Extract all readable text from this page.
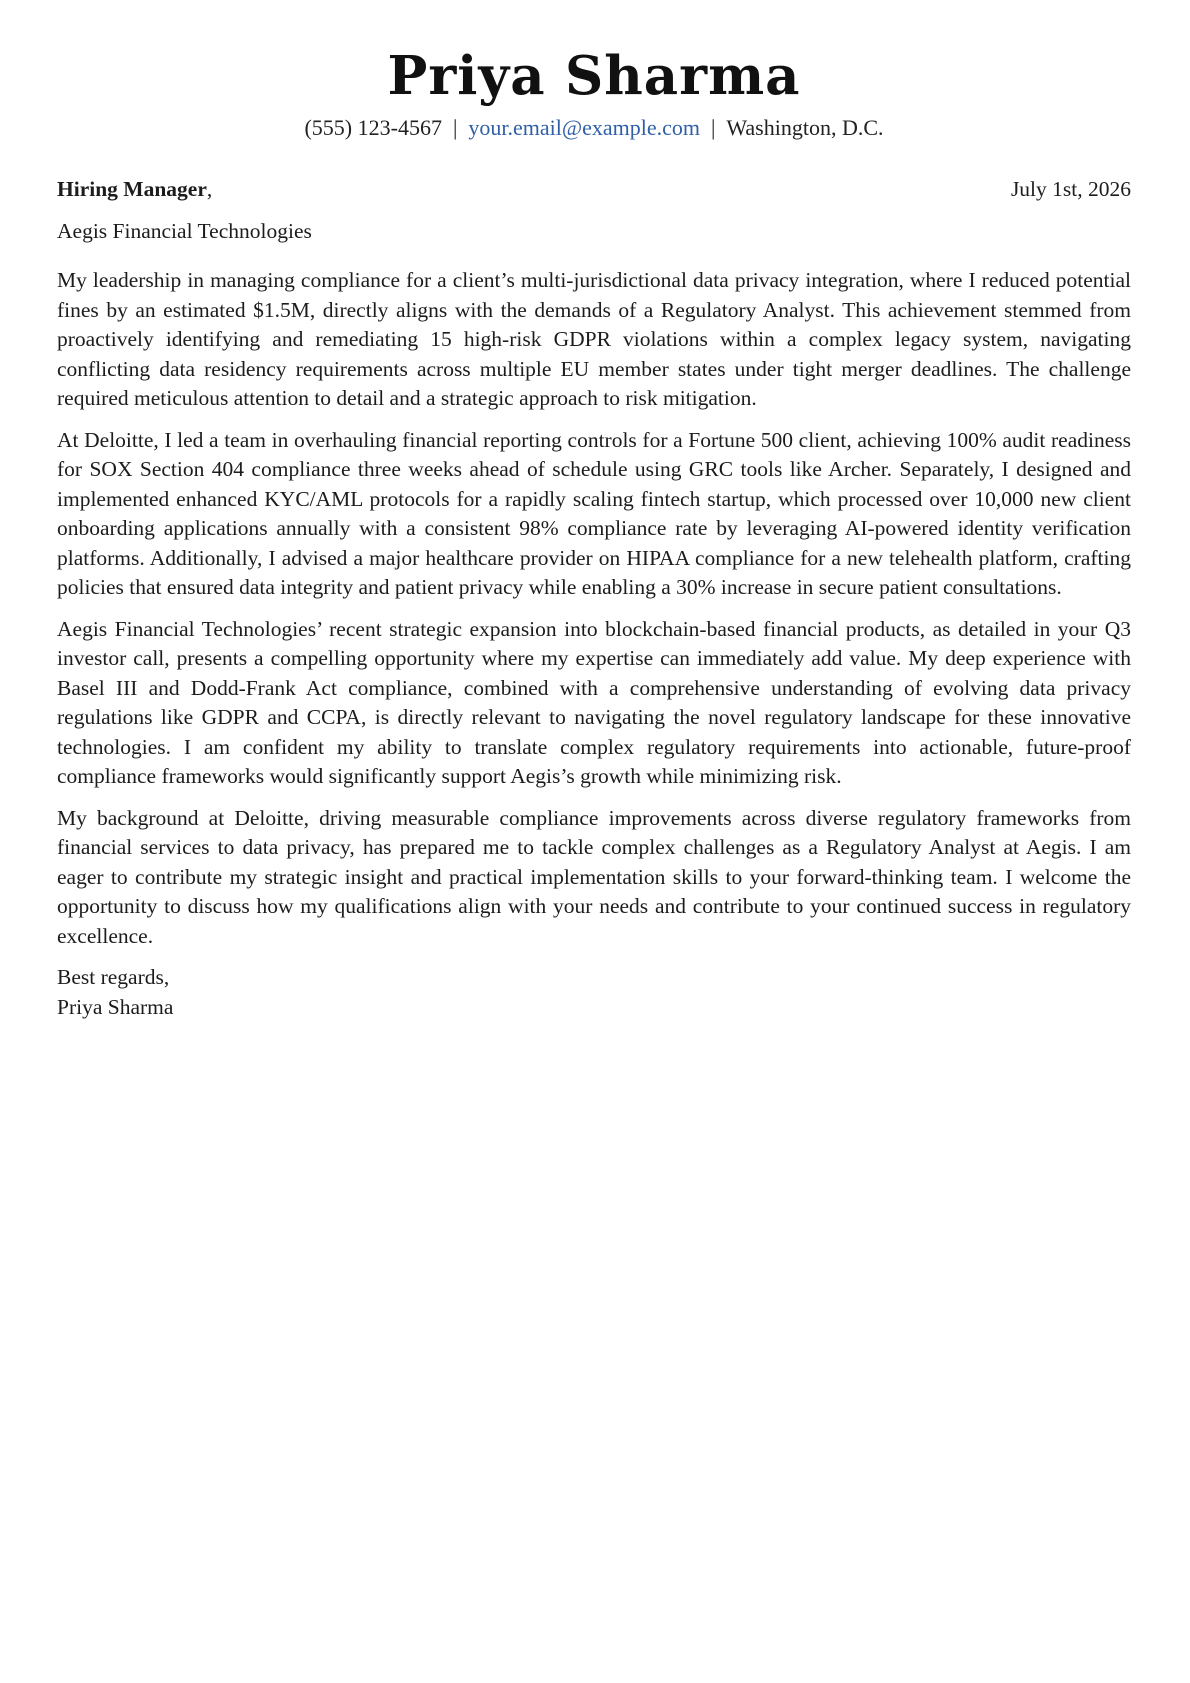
Priya Sharma
(555) 123-4567 | your.email@example.com | Washington, D.C.
Hiring Manager,	July 1st, 2026
Aegis Financial Technologies

My leadership in managing compliance for a client’s multi-jurisdictional data privacy integration, where I reduced potential fines by an estimated $1.5M, directly aligns with the demands of a Regulatory Analyst. This achievement stemmed from proactively identifying and remediating 15 high-risk GDPR violations within a complex legacy system, navigating conflicting data residency requirements across multiple EU member states under tight merger deadlines. The challenge required meticulous attention to detail and a strategic approach to risk mitigation.

At Deloitte, I led a team in overhauling financial reporting controls for a Fortune 500 client, achieving 100% audit readiness for SOX Section 404 compliance three weeks ahead of schedule using GRC tools like Archer. Separately, I designed and implemented enhanced KYC/AML protocols for a rapidly scaling fintech startup, which processed over 10,000 new client onboarding applications annually with a consistent 98% compliance rate by leveraging AI-powered identity verification platforms. Additionally, I advised a major healthcare provider on HIPAA compliance for a new telehealth platform, crafting policies that ensured data integrity and patient privacy while enabling a 30% increase in secure patient consultations.

Aegis Financial Technologies’ recent strategic expansion into blockchain-based financial products, as detailed in your Q3 investor call, presents a compelling opportunity where my expertise can immediately add value. My deep experience with Basel III and Dodd-Frank Act compliance, combined with a comprehensive understanding of evolving data privacy regulations like GDPR and CCPA, is directly relevant to navigating the novel regulatory landscape for these innovative technologies. I am confident my ability to translate complex regulatory requirements into actionable, future-proof compliance frameworks would significantly support Aegis’s growth while minimizing risk.

My background at Deloitte, driving measurable compliance improvements across diverse regulatory frameworks from financial services to data privacy, has prepared me to tackle complex challenges as a Regulatory Analyst at Aegis. I am eager to contribute my strategic insight and practical implementation skills to your forward-thinking team. I welcome the opportunity to discuss how my qualifications align with your needs and contribute to your continued success in regulatory excellence.

Best regards,
Priya Sharma
